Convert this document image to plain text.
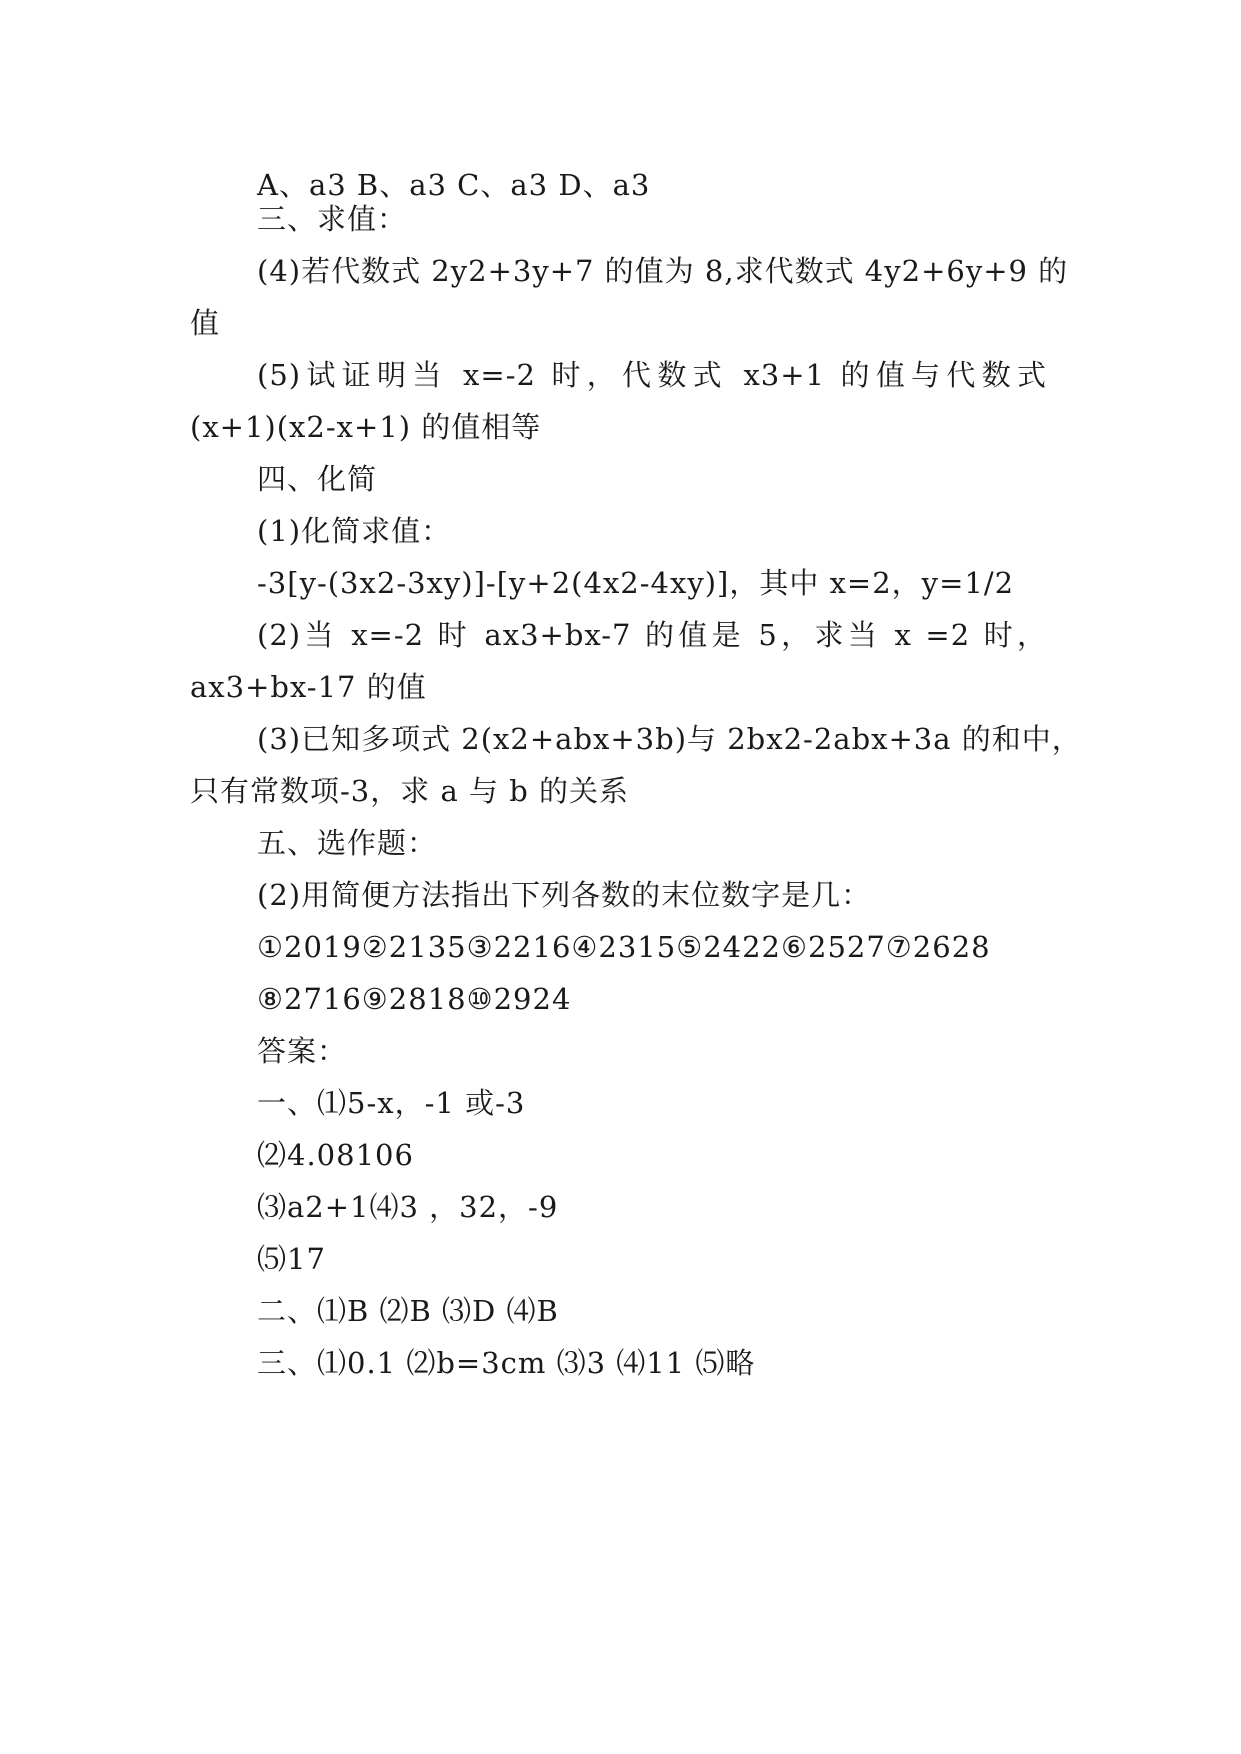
A、a3 B、a3 C、a3 D、a3
三、求值：
(4)若代数式 2y2+3y+7 的值为 8,求代数式 4y2+6y+9 的
值
(5)试证明当 x=-2 时，代数式 x3+1 的值与代数式
(x+1)(x2-x+1) 的值相等
四、化简
(1)化简求值：
-3[y-(3x2-3xy)]-[y+2(4x2-4xy)]，其中 x=2，y=1/2
(2)当 x=-2 时 ax3+bx-7 的值是 5，求当 x =2 时，
ax3+bx-17 的值
(3)已知多项式 2(x2+abx+3b)与 2bx2-2abx+3a 的和中，
只有常数项-3，求 a 与 b 的关系
五、选作题：
(2)用简便方法指出下列各数的末位数字是几：
①2019②2135③2216④2315⑤2422⑥2527⑦2628
⑧2716⑨2818⑩2924
答案：
一、⑴5-x，-1 或-3
⑵4.08106
⑶a2+1⑷3 ，32，-9
⑸17
二、⑴B ⑵B ⑶D ⑷B
三、⑴0.1 ⑵b=3cm ⑶3 ⑷11 ⑸略
